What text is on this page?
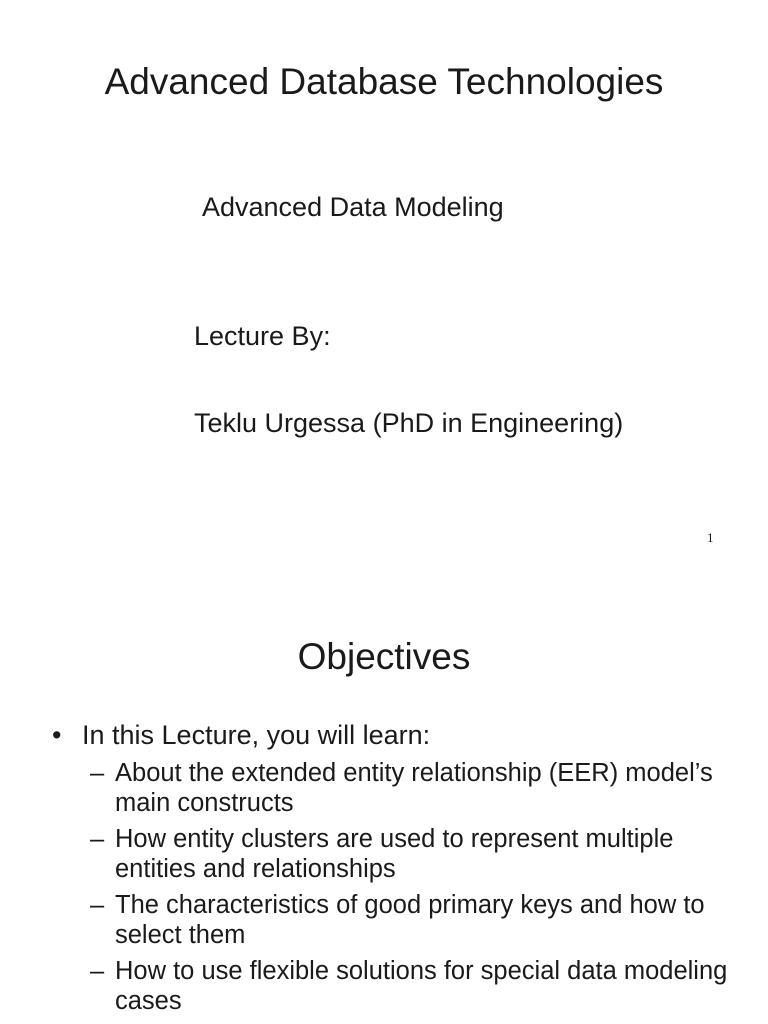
Advanced Database Technologies
Advanced Data Modeling
Lecture By:
Teklu Urgessa (PhD in Engineering)
1
Objectives
• In this Lecture, you will learn:
– About the extended entity relationship (EER) model’s main constructs
– How entity clusters are used to represent multiple entities and relationships
– The characteristics of good primary keys and how to select them
– How to use flexible solutions for special data modeling cases
